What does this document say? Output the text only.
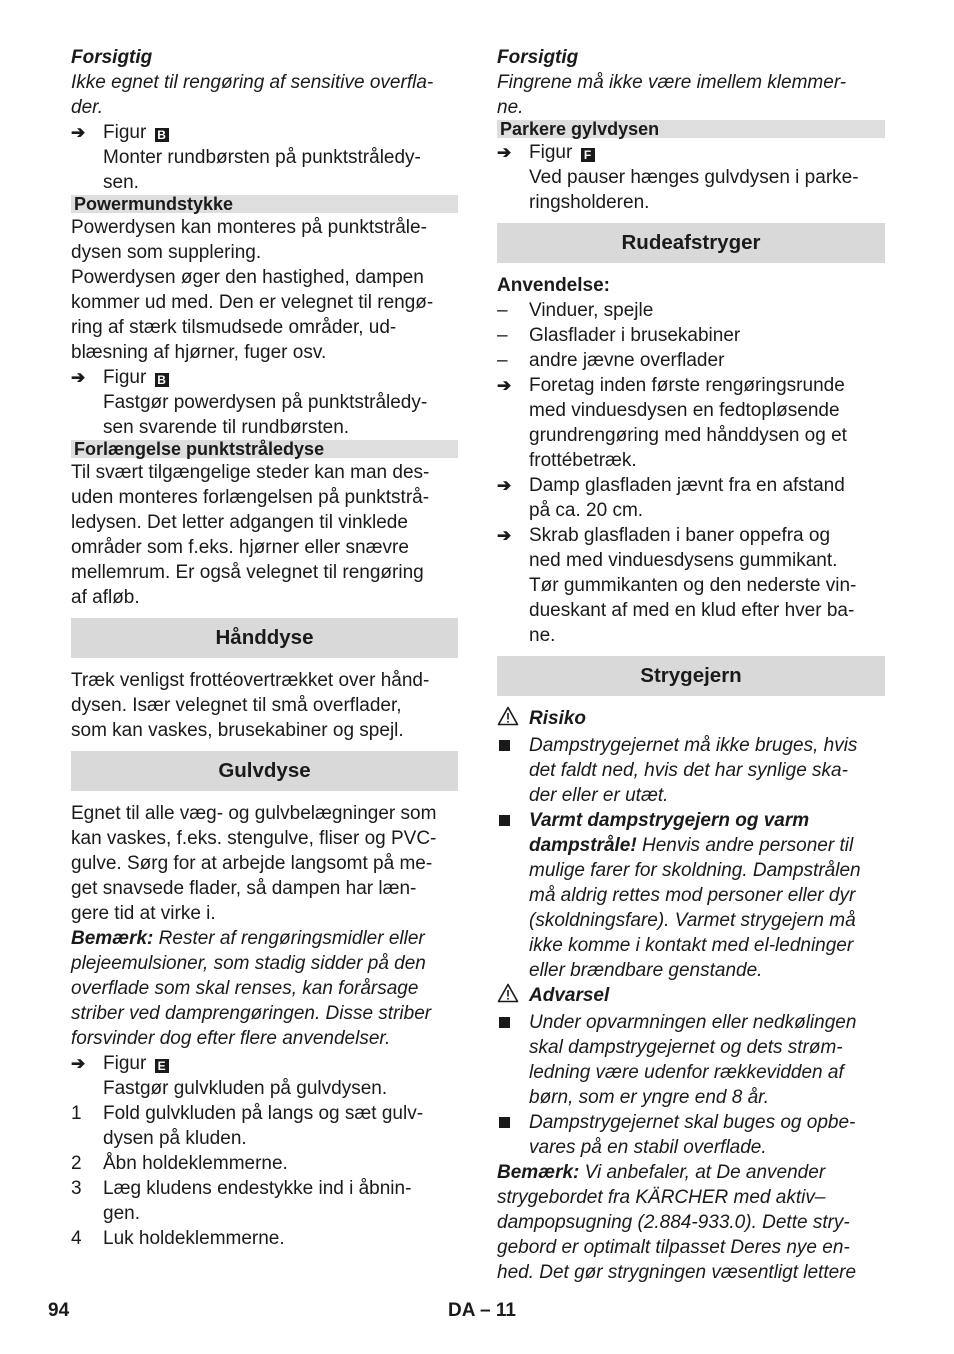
Forsigtig

Ikke egnet til rengøring af sensitive overfla-

der.

➔ Figur B

Monter rundbørsten på punktstråledy-

sen.

Powermundstykke

Powerdysen kan monteres på punktstråle-

dysen som supplering.

Powerdysen øger den hastighed, dampen

kommer ud med. Den er velegnet til rengø-

ring af stærk tilsmudsede områder, ud-

blæsning af hjørner, fuger osv.

➔ Figur B

Fastgør powerdysen på punktstråledy-

sen svarende til rundbørsten.

Forlængelse punktstråledyse

Til svært tilgængelige steder kan man des-

uden monteres forlængelsen på punktstrå-

ledysen. Det letter adgangen til vinklede

områder som f.eks. hjørner eller snævre

mellemrum. Er også velegnet til rengøring

af afløb.

Hånddyse

Træk venligst frottéovertrækket over hånd-

dysen. Især velegnet til små overflader,

som kan vaskes, brusekabiner og spejl.

Gulvdyse

Egnet til alle væg- og gulvbelægninger som

kan vaskes, f.eks. stengulve, fliser og PVC-

gulve. Sørg for at arbejde langsomt på me-

get snavsede flader, så dampen har læn-

gere tid at virke i.

Bemærk: Rester af rengøringsmidler eller

plejeemulsioner, som stadig sidder på den

overflade som skal renses, kan forårsage

striber ved damprengøringen. Disse striber

forsvinder dog efter flere anvendelser.

➔ Figur E

Fastgør gulvkluden på gulvdysen.

1	Fold gulvkluden på langs og sæt gulv-
dysen på kluden.
2	Åbn holdeklemmerne.
3	Læg kludens endestykke ind i åbnin-
gen.
4	Luk holdeklemmerne.

Forsigtig

Fingrene må ikke være imellem klemmer-

ne.

Parkere gylvdysen
➔ Figur F

Ved pauser hænges gulvdysen i parke-

ringsholderen.

Rudeafstryger

Anvendelse:

–	Vinduer, spejle
–	Glasflader i brusekabiner
–	andre jævne overflader
➔ Foretag inden første rengøringsrunde
med vinduesdysen en fedtopløsende
grundrengøring med hånddysen og et
frottébetræk.
➔ Damp glasfladen jævnt fra en afstand
på ca. 20 cm.
➔ Skrab glasfladen i baner oppefra og
ned med vinduesdysens gummikant.
Tør gummikanten og den nederste vin-
dueskant af med en klud efter hver ba-
ne.
Strygejern
Risiko
Dampstrygejernet må ikke bruges, hvis
det faldt ned, hvis det har synlige ska-
der eller er utæt.
Varmt dampstrygejern og varm
dampstråle! Henvis andre personer til
mulige farer for skoldning. Dampstrålen
må aldrig rettes mod personer eller dyr
(skoldningsfare). Varmet strygejern må
ikke komme i kontakt med el-ledninger
eller brændbare genstande.
Advarsel
Under opvarmningen eller nedkølingen
skal dampstrygejernet og dets strøm-
ledning være udenfor rækkevidden af
børn, som er yngre end 8 år.
Dampstrygejernet skal buges og opbe-
vares på en stabil overflade.

Bemærk: Vi anbefaler, at De anvender

strygebordet fra KÄRCHER med aktiv–

dampopsugning (2.884-933.0). Dette stry-

gebord er optimalt tilpasset Deres nye en-

hed. Det gør strygningen væsentligt lettere

94	DA – 11
